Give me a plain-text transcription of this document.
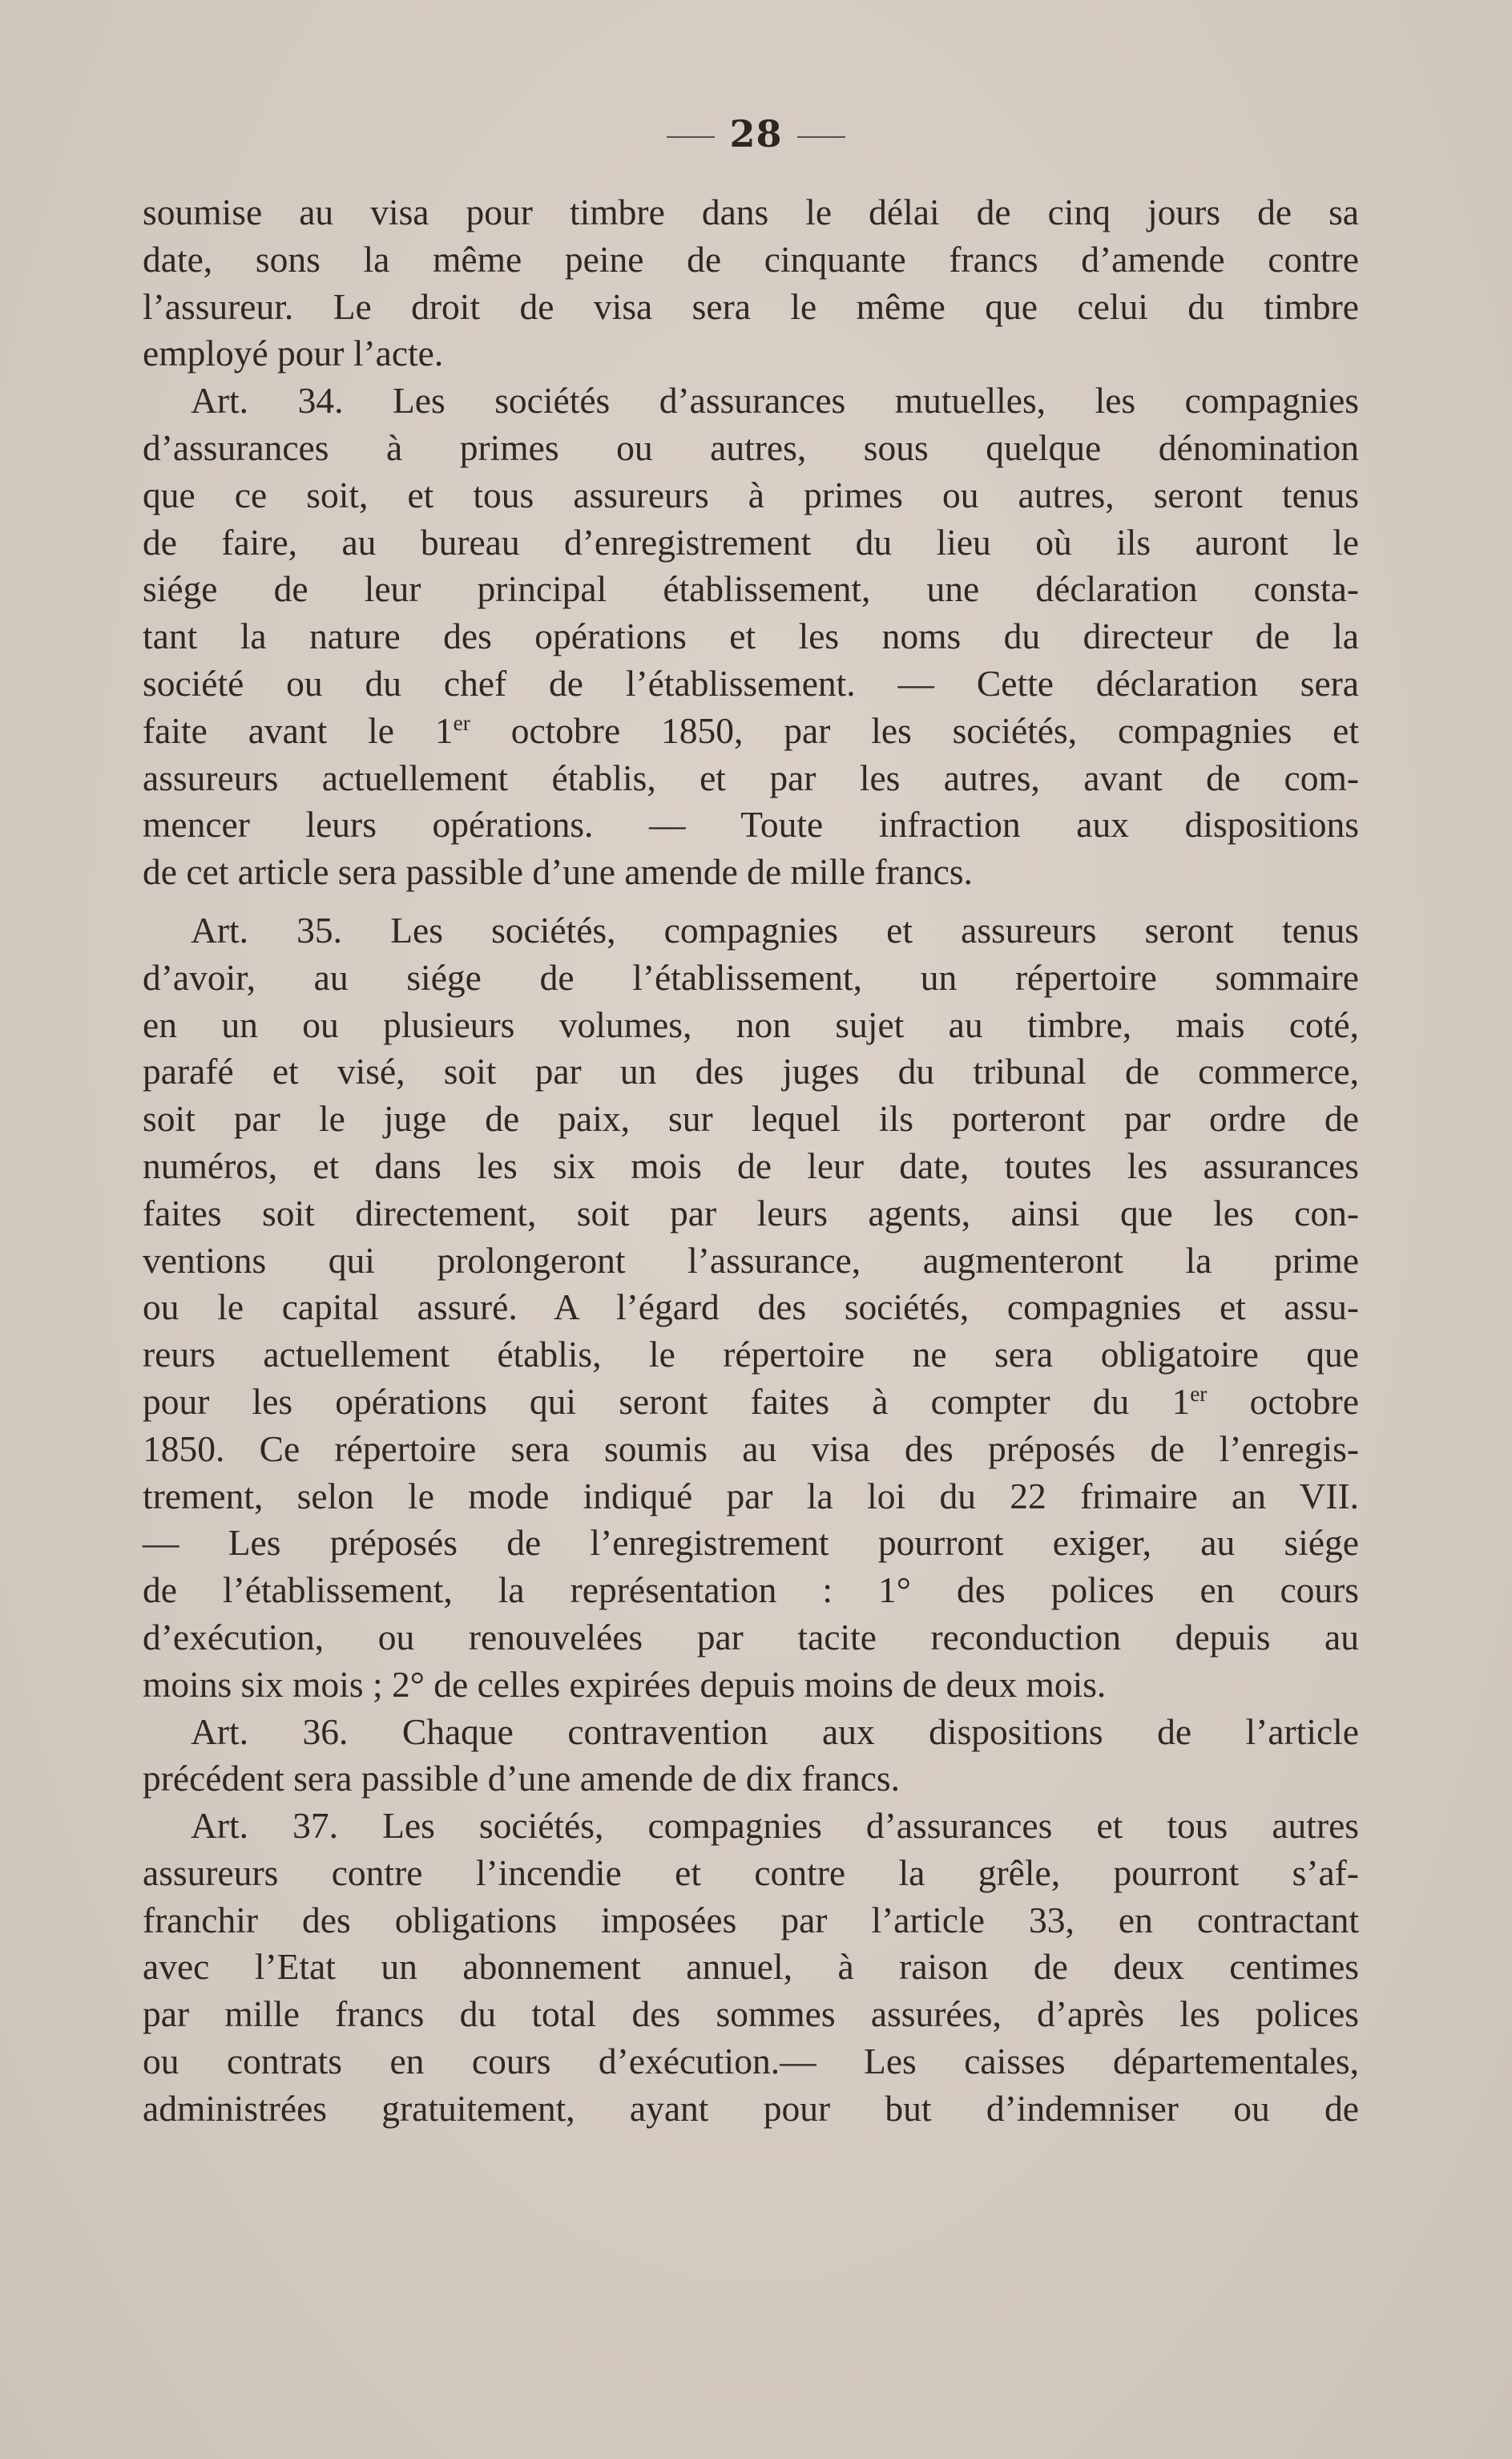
28
soumise au visa pour timbre dans le délai de cinq jours de sa
date, sons la même peine de cinquante francs d’amende contre
l’assureur. Le droit de visa sera le même que celui du timbre
employé pour l’acte.
Art. 34. Les sociétés d’assurances mutuelles, les compagnies
d’assurances à primes ou autres, sous quelque dénomination
que ce soit, et tous assureurs à primes ou autres, seront tenus
de faire, au bureau d’enregistrement du lieu où ils auront le
siége de leur principal établissement, une déclaration consta-
tant la nature des opérations et les noms du directeur de la
société ou du chef de l’établissement. — Cette déclaration sera
faite avant le 1er octobre 1850, par les sociétés, compagnies et
assureurs actuellement établis, et par les autres, avant de com-
mencer leurs opérations. — Toute infraction aux dispositions
de cet article sera passible d’une amende de mille francs.
Art. 35. Les sociétés, compagnies et assureurs seront tenus
d’avoir, au siége de l’établissement, un répertoire sommaire
en un ou plusieurs volumes, non sujet au timbre, mais coté,
parafé et visé, soit par un des juges du tribunal de commerce,
soit par le juge de paix, sur lequel ils porteront par ordre de
numéros, et dans les six mois de leur date, toutes les assurances
faites soit directement, soit par leurs agents, ainsi que les con-
ventions qui prolongeront l’assurance, augmenteront la prime
ou le capital assuré. A l’égard des sociétés, compagnies et assu-
reurs actuellement établis, le répertoire ne sera obligatoire que
pour les opérations qui seront faites à compter du 1er octobre
1850. Ce répertoire sera soumis au visa des préposés de l’enregis-
trement, selon le mode indiqué par la loi du 22 frimaire an VII.
— Les préposés de l’enregistrement pourront exiger, au siége
de l’établissement, la représentation : 1° des polices en cours
d’exécution, ou renouvelées par tacite reconduction depuis au
moins six mois ; 2° de celles expirées depuis moins de deux mois.
Art. 36. Chaque contravention aux dispositions de l’article
précédent sera passible d’une amende de dix francs.
Art. 37. Les sociétés, compagnies d’assurances et tous autres
assureurs contre l’incendie et contre la grêle, pourront s’af-
franchir des obligations imposées par l’article 33, en contractant
avec l’Etat un abonnement annuel, à raison de deux centimes
par mille francs du total des sommes assurées, d’après les polices
ou contrats en cours d’exécution.— Les caisses départementales,
administrées gratuitement, ayant pour but d’indemniser ou de
